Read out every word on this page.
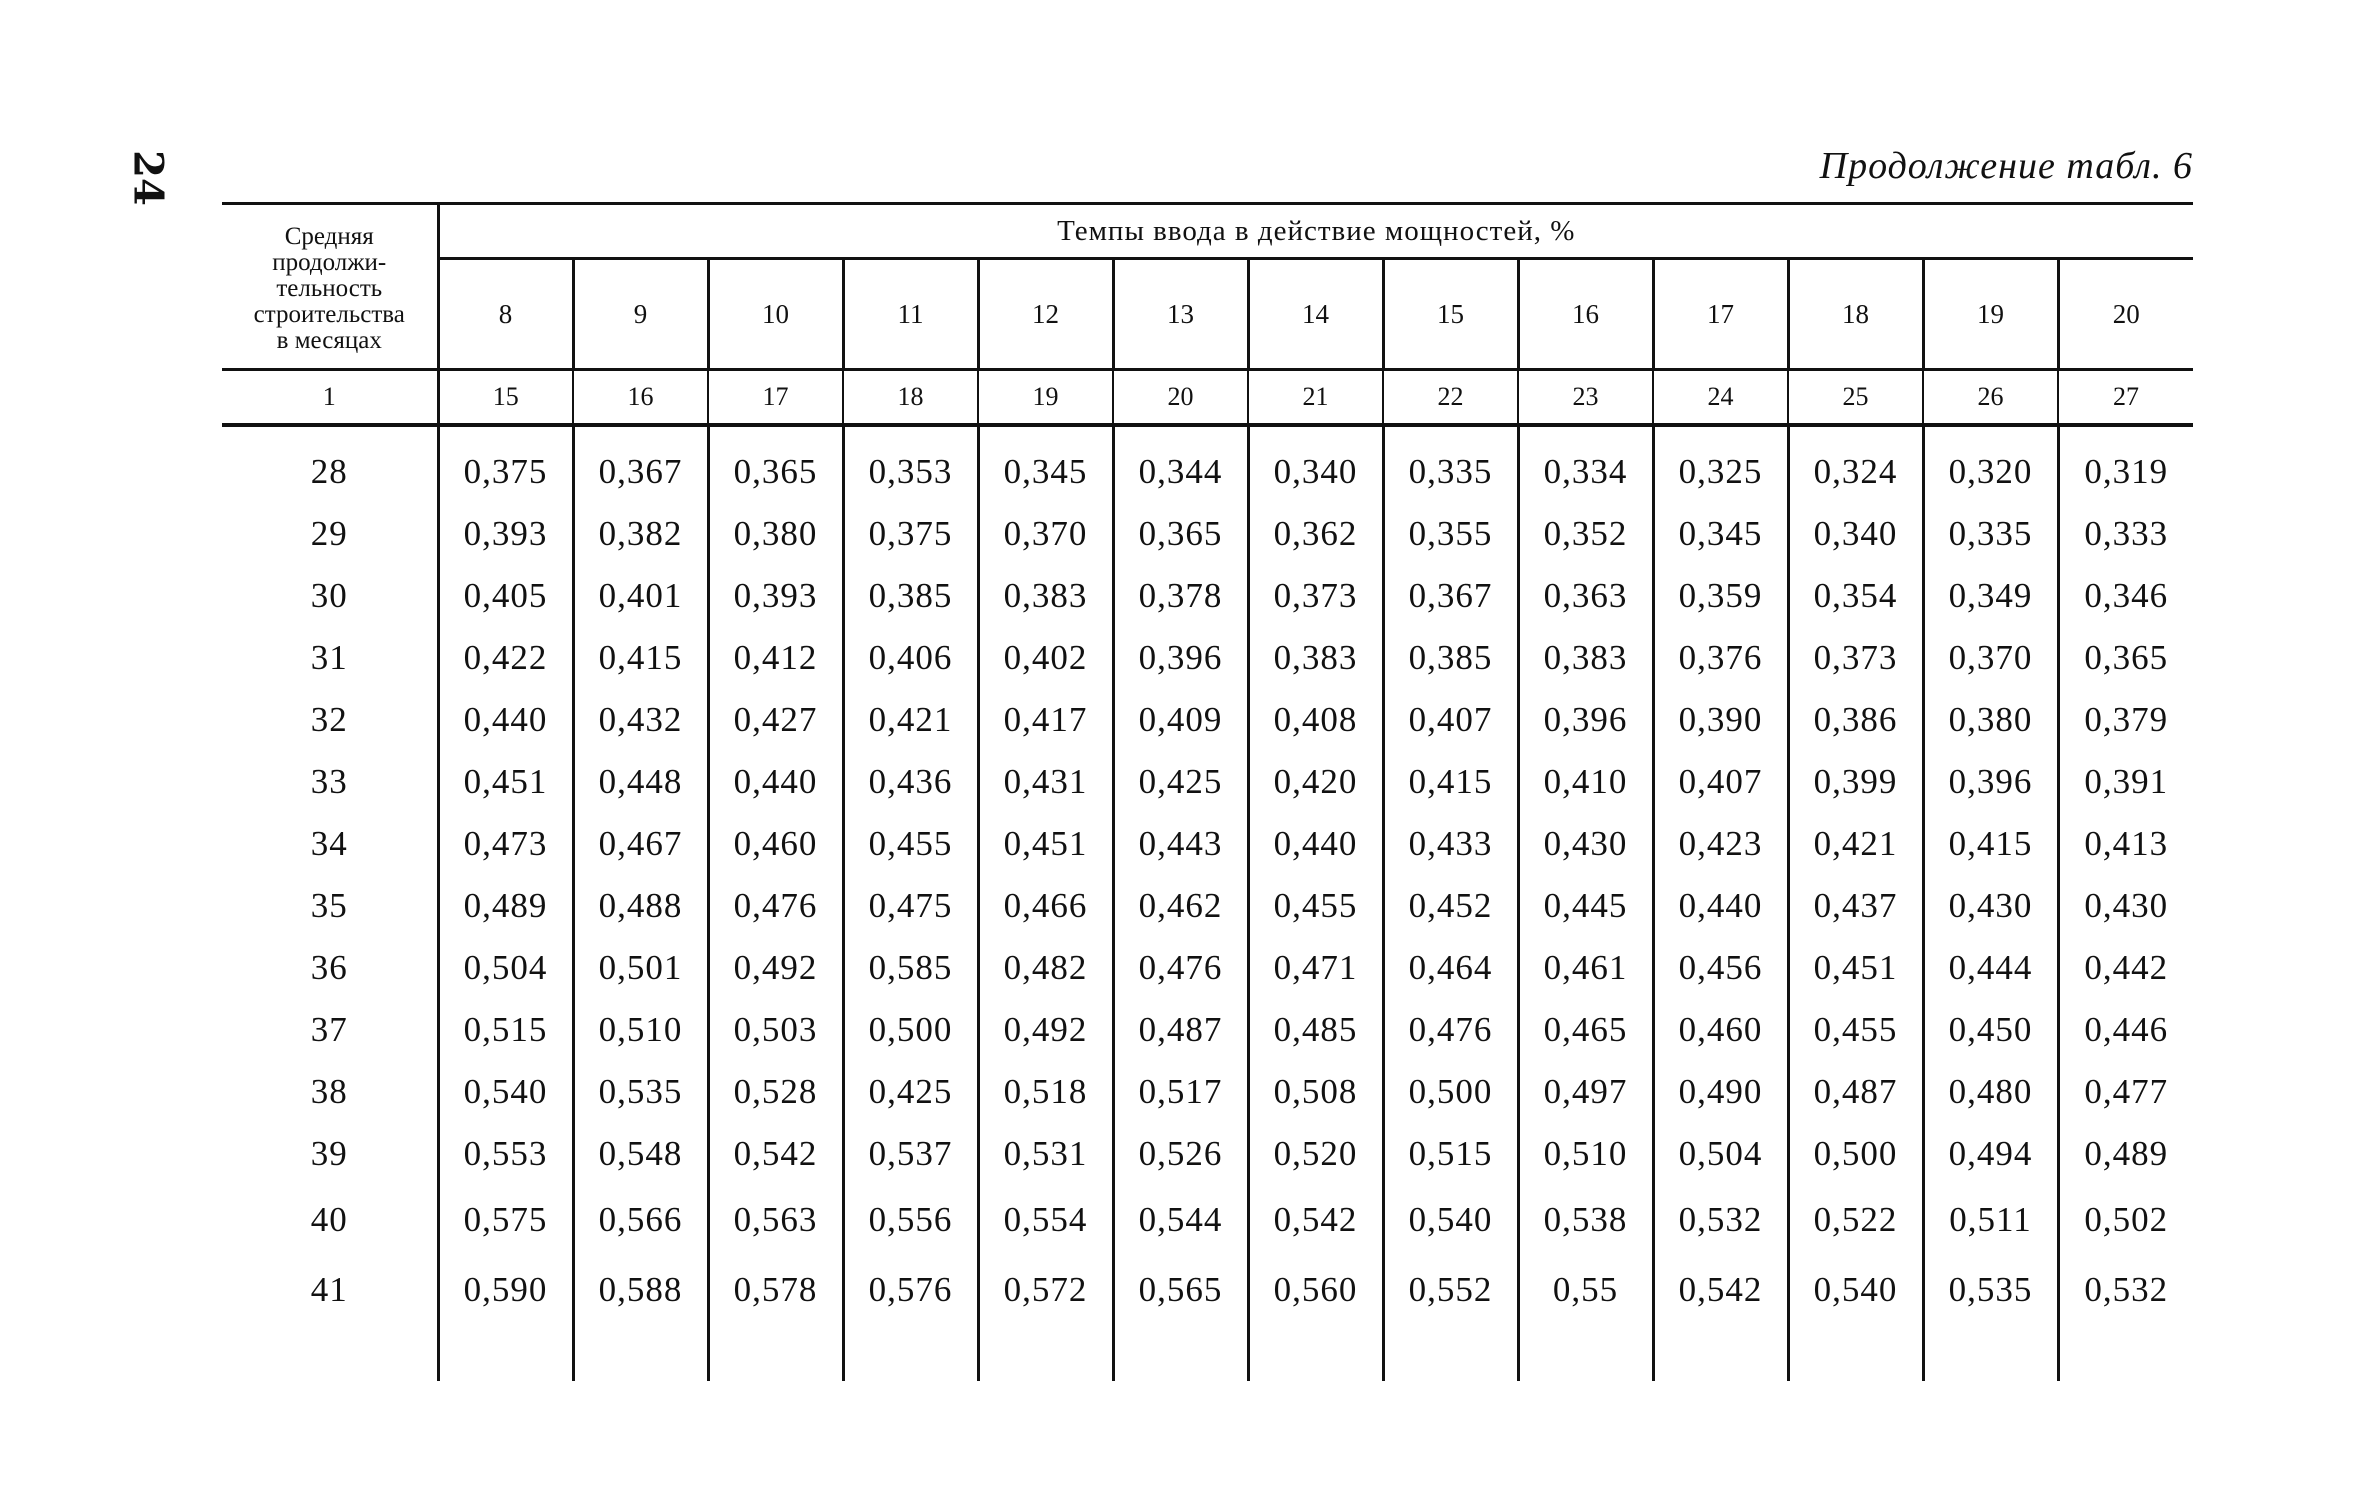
24	Продолжение табл. 6
Средняя
продолжи-
тельность
строительства
в месяцах	Темпы ввода в действие мощностей, %												
	8	9	10	11	12	13	14	15	16	17	18	19	20
1	15	16	17	18	19	20	21	22	23	24	25	26	27

28	0,375	0,367	0,365	0,353	0,345	0,344	0,340	0,335	0,334	0,325	0,324	0,320	0,319
29	0,393	0,382	0,380	0,375	0,370	0,365	0,362	0,355	0,352	0,345	0,340	0,335	0,333
30	0,405	0,401	0,393	0,385	0,383	0,378	0,373	0,367	0,363	0,359	0,354	0,349	0,346
31	0,422	0,415	0,412	0,406	0,402	0,396	0,383	0,385	0,383	0,376	0,373	0,370	0,365
32	0,440	0,432	0,427	0,421	0,417	0,409	0,408	0,407	0,396	0,390	0,386	0,380	0,379
33	0,451	0,448	0,440	0,436	0,431	0,425	0,420	0,415	0,410	0,407	0,399	0,396	0,391
34	0,473	0,467	0,460	0,455	0,451	0,443	0,440	0,433	0,430	0,423	0,421	0,415	0,413
35	0,489	0,488	0,476	0,475	0,466	0,462	0,455	0,452	0,445	0,440	0,437	0,430	0,430
36	0,504	0,501	0,492	0,585	0,482	0,476	0,471	0,464	0,461	0,456	0,451	0,444	0,442
37	0,515	0,510	0,503	0,500	0,492	0,487	0,485	0,476	0,465	0,460	0,455	0,450	0,446
38	0,540	0,535	0,528	0,425	0,518	0,517	0,508	0,500	0,497	0,490	0,487	0,480	0,477
39	0,553	0,548	0,542	0,537	0,531	0,526	0,520	0,515	0,510	0,504	0,500	0,494	0,489
40	0,575	0,566	0,563	0,556	0,554	0,544	0,542	0,540	0,538	0,532	0,522	0,511	0,502
41	0,590	0,588	0,578	0,576	0,572	0,565	0,560	0,552	0,55	0,542	0,540	0,535	0,532
